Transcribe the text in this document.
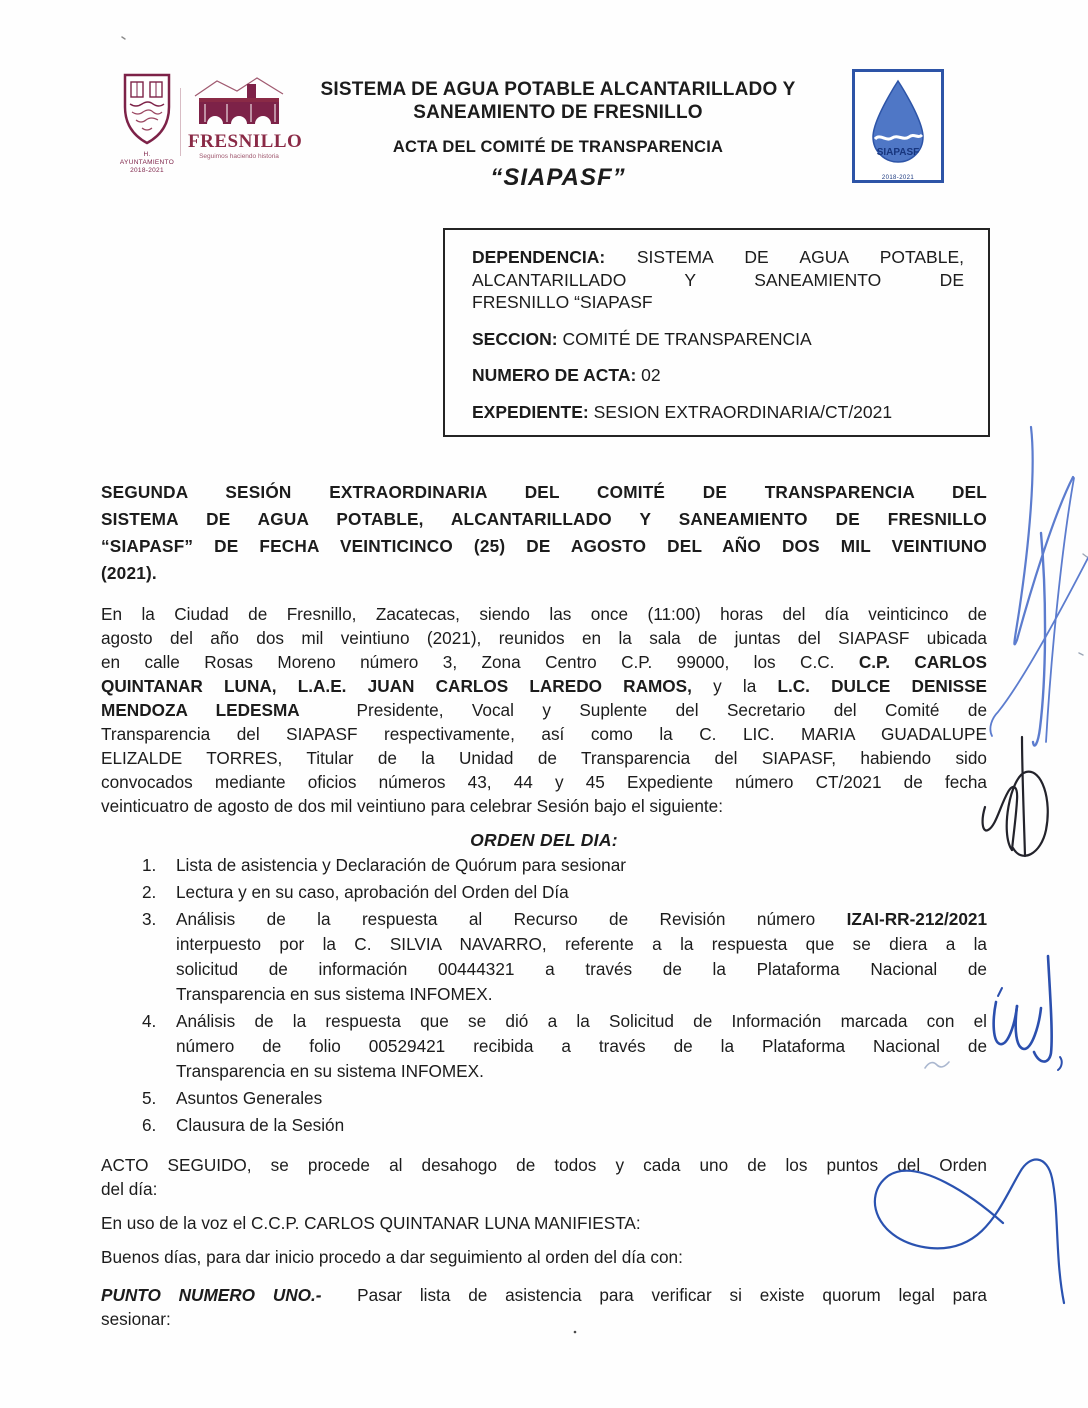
H. AYUNTAMIENTO
2018-2021
FRESNILLO
Seguimos haciendo historia
SISTEMA DE AGUA POTABLE ALCANTARILLADO Y SANEAMIENTO DE FRESNILLO
ACTA DEL COMITÉ DE TRANSPARENCIA
“SIAPASF”
SIAPASF
2018-2021
DEPENDENCIA: SISTEMA DE AGUA POTABLE,
ALCANTARILLADO Y SANEAMIENTO DE
FRESNILLO “SIAPASF
SECCION: COMITÉ DE TRANSPARENCIA
NUMERO DE ACTA: 02
EXPEDIENTE: SESION EXTRAORDINARIA/CT/2021
SEGUNDA SESIÓN EXTRAORDINARIA DEL COMITÉ DE TRANSPARENCIA DEL
SISTEMA DE AGUA POTABLE, ALCANTARILLADO Y SANEAMIENTO DE FRESNILLO
“SIAPASF” DE FECHA VEINTICINCO (25) DE AGOSTO DEL AÑO DOS MIL VEINTIUNO
(2021).
En la Ciudad de Fresnillo, Zacatecas, siendo las once (11:00) horas del día veinticinco de
agosto del año dos mil veintiuno (2021), reunidos en la sala de juntas del SIAPASF ubicada
en calle Rosas Moreno número 3, Zona Centro C.P. 99000, los C.C. C.P. CARLOS
QUINTANAR LUNA, L.A.E. JUAN CARLOS LAREDO RAMOS, y la L.C. DULCE DENISSE
MENDOZA LEDESMA  Presidente, Vocal y Suplente del Secretario del Comité de
Transparencia del SIAPASF respectivamente, así como la C. LIC. MARIA GUADALUPE
ELIZALDE TORRES, Titular de la Unidad de Transparencia del SIAPASF, habiendo sido
convocados mediante oficios números 43, 44 y 45 Expediente número CT/2021 de fecha
veinticuatro de agosto de dos mil veintiuno para celebrar Sesión bajo el siguiente:
ORDEN DEL DIA:
1.	Lista de asistencia y Declaración de Quórum para sesionar
2.	Lectura y en su caso, aprobación del Orden del Día
3.	Análisis de la respuesta al Recurso de Revisión número IZAI-RR-212/2021
interpuesto por la C. SILVIA NAVARRO, referente a la respuesta que se diera a la
solicitud de información 00444321 a través de la Plataforma Nacional de
Transparencia en sus sistema INFOMEX.
4.	Análisis de la respuesta que se dió a la Solicitud de Información marcada con el
número de folio 00529421 recibida a través de la Plataforma Nacional de
Transparencia en su sistema INFOMEX.
5.	Asuntos Generales
6.	Clausura de la Sesión
ACTO SEGUIDO, se procede al desahogo de todos y cada uno de los puntos del Orden
del día:
En uso de la voz el C.C.P. CARLOS QUINTANAR LUNA MANIFIESTA:
Buenos días, para dar inicio procedo a dar seguimiento al orden del día con:
PUNTO NUMERO UNO.-  Pasar lista de asistencia para verificar si existe quorum legal para
sesionar:
